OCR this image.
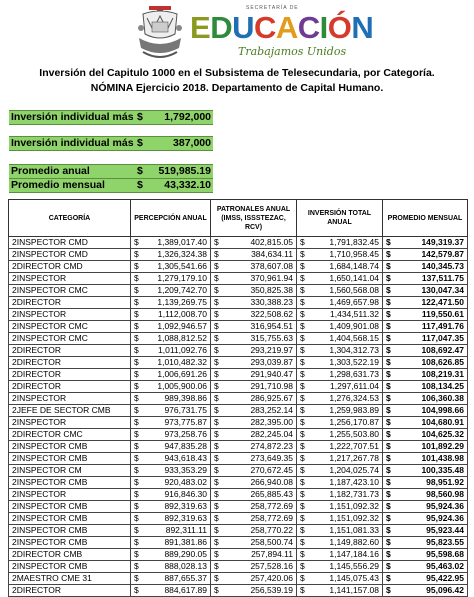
SECRETARÍA DE
EDUCACIÓN
Trabajamos Unidos
Inversión del Capitulo 1000 en el Subsistema de Telesecundaria, por Categoría.
NÓMINA Ejercicio 2018. Departamento de Capital Humano.
Inversión individual más $ 1,792,000
Inversión individual más $	387,000
Promedio anual	$ 519,985.19
Promedio mensual	$ 43,332.10
CATEGORÍA	PERCEPCIÓN ANUAL	PATRONALES ANUAL (IMSS, ISSSTEZAC, RCV)	INVERSIÓN TOTAL ANUAL	PROMEDIO MENSUAL
2INSPECTOR CMD	$ 1,389,017.40	$ 402,815.05	$ 1,791,832.45	$ 149,319.37

2INSPECTOR CMD	$ 1,326,324.38	$ 384,634.11	$ 1,710,958.45	$ 142,579.87

2DIRECTOR CMD	$ 1,305,541.66	$ 378,607.08	$ 1,684,148.74	$ 140,345.73

2INSPECTOR	$ 1,279,179.10	$ 370,961.94	$ 1,650,141.04	$ 137,511.75

2INSPECTOR CMC	$ 1,209,742.70	$ 350,825.38	$ 1,560,568.08	$ 130,047.34

2DIRECTOR	$ 1,139,269.75	$ 330,388.23	$ 1,469,657.98	$ 122,471.50

2INSPECTOR	$ 1,112,008.70	$ 322,508.62	$ 1,434,511.32	$ 119,550.61

2INSPECTOR CMC	$ 1,092,946.57	$ 316,954.51	$ 1,409,901.08	$ 117,491.76

2INSPECTOR CMC	$ 1,088,812.52	$ 315,755.63	$ 1,404,568.15	$ 117,047.35

2DIRECTOR	$ 1,011,092.76	$ 293,219.97	$ 1,304,312.73	$ 108,692.47

2DIRECTOR	$ 1,010,482.32	$ 293,039.87	$ 1,303,522.19	$ 108,626.85

2DIRECTOR	$ 1,006,691.26	$ 291,940.47	$ 1,298,631.73	$ 108,219.31

2DIRECTOR	$ 1,005,900.06	$ 291,710.98	$ 1,297,611.04	$ 108,134.25

2INSPECTOR	$ 989,398.86	$ 286,925.67	$ 1,276,324.53	$ 106,360.38

2JEFE DE SECTOR CMB	$ 976,731.75	$ 283,252.14	$ 1,259,983.89	$ 104,998.66

2INSPECTOR	$ 973,775.87	$ 282,395.00	$ 1,256,170.87	$ 104,680.91

2DIRECTOR CMC	$ 973,258.76	$ 282,245.04	$ 1,255,503.80	$ 104,625.32

2INSPECTOR CMB	$ 947,835.28	$ 274,872.23	$ 1,222,707.51	$ 101,892.29

2INSPECTOR CMB	$ 943,618.43	$ 273,649.35	$ 1,217,267.78	$ 101,438.98

2INSPECTOR CM	$ 933,353.29	$ 270,672.45	$ 1,204,025.74	$ 100,335.48

2INSPECTOR CMB	$ 920,483.02	$ 266,940.08	$ 1,187,423.10	$ 98,951.92

2INSPECTOR	$ 916,846.30	$ 265,885.43	$ 1,182,731.73	$ 98,560.98

2INSPECTOR CMB	$ 892,319.63	$ 258,772.69	$ 1,151,092.32	$ 95,924.36

2INSPECTOR CMB	$ 892,319.63	$ 258,772.69	$ 1,151,092.32	$ 95,924.36

2INSPECTOR CMB	$ 892,311.11	$ 258,770.22	$ 1,151,081.33	$ 95,923.44

2INSPECTOR CMB	$ 891,381.86	$ 258,500.74	$ 1,149,882.60	$ 95,823.55

2DIRECTOR CMB	$ 889,290.05	$ 257,894.11	$ 1,147,184.16	$ 95,598.68

2INSPECTOR CMB	$ 888,028.13	$ 257,528.16	$ 1,145,556.29	$ 95,463.02

2MAESTRO CME 31	$ 887,655.37	$ 257,420.06	$ 1,145,075.43	$ 95,422.95

2DIRECTOR	$ 884,617.89	$ 256,539.19	$ 1,141,157.08	$ 95,096.42
